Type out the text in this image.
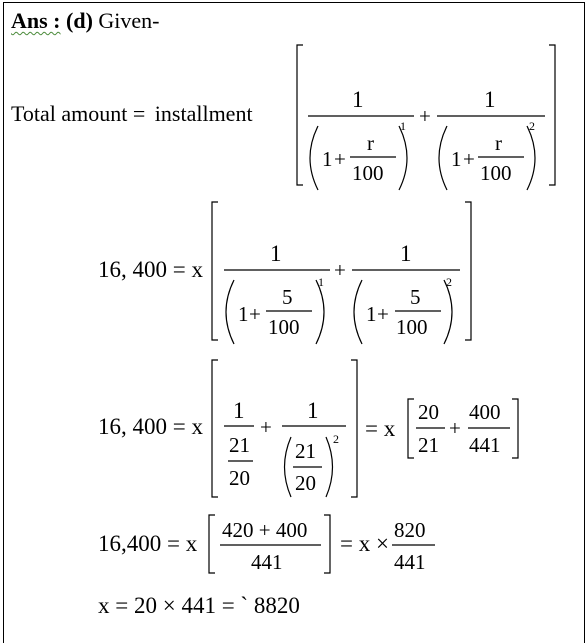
Ans : (d) Given-
Total amount = installment
1	1
+
1 +
r
100
1
1 +
r
100
2
16, 400 = x
1	1
+
1 +
5
100
1
1 +
5
100
2
16, 400 = x
1	1
+
21
20
21
20
2 = x
20
21
+
400
441
16,400 = x
420 + 400
441
= x ×
820
441
x = 20 × 441 = ` 8820
